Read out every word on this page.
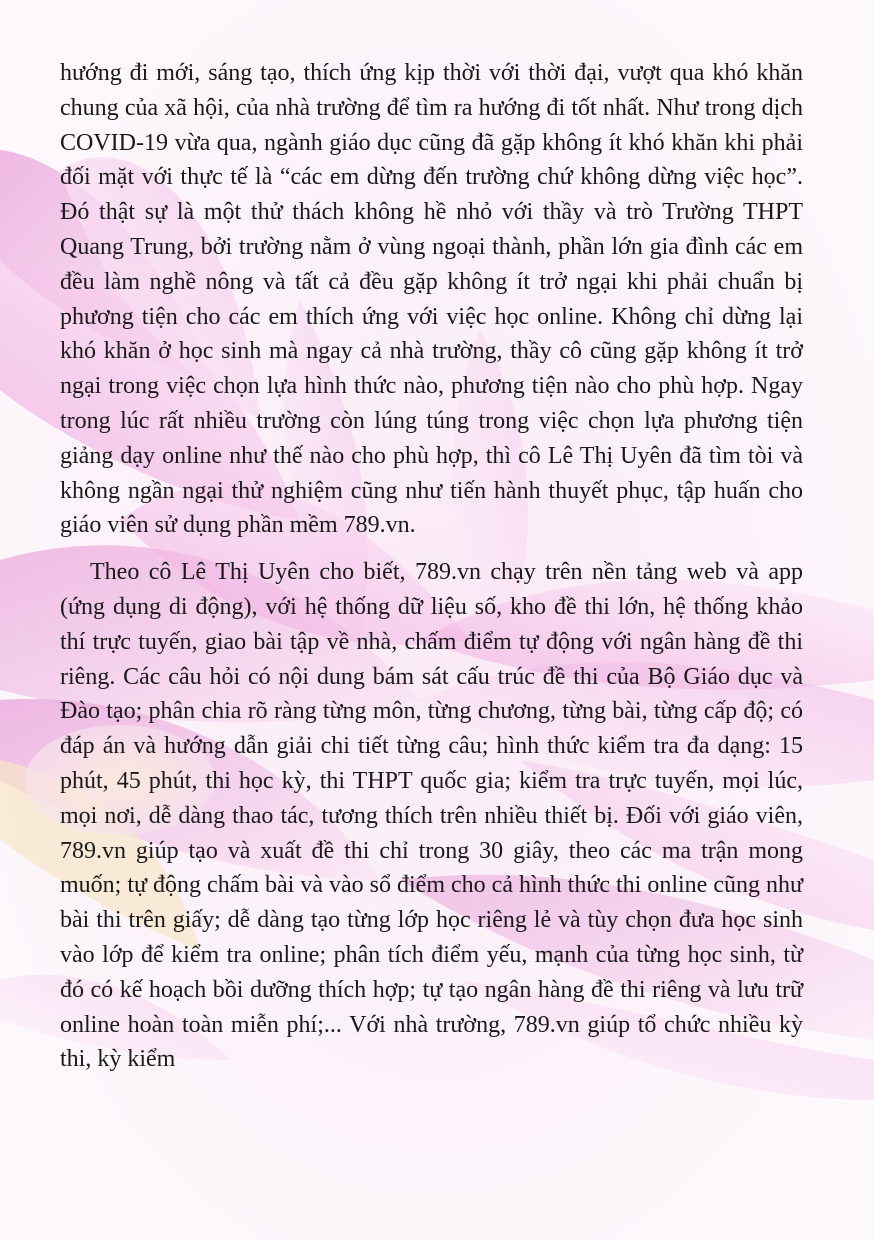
hướng đi mới, sáng tạo, thích ứng kịp thời với thời đại, vượt qua khó khăn chung của xã hội, của nhà trường để tìm ra hướng đi tốt nhất. Như trong dịch COVID-19 vừa qua, ngành giáo dục cũng đã gặp không ít khó khăn khi phải đối mặt với thực tế là “các em dừng đến trường chứ không dừng việc học”. Đó thật sự là một thử thách không hề nhỏ với thầy và trò Trường THPT Quang Trung, bởi trường nằm ở vùng ngoại thành, phần lớn gia đình các em đều làm nghề nông và tất cả đều gặp không ít trở ngại khi phải chuẩn bị phương tiện cho các em thích ứng với việc học online. Không chỉ dừng lại khó khăn ở học sinh mà ngay cả nhà trường, thầy cô cũng gặp không ít trở ngại trong việc chọn lựa hình thức nào, phương tiện nào cho phù hợp. Ngay trong lúc rất nhiều trường còn lúng túng trong việc chọn lựa phương tiện giảng dạy online như thế nào cho phù hợp, thì cô Lê Thị Uyên đã tìm tòi và không ngần ngại thử nghiệm cũng như tiến hành thuyết phục, tập huấn cho giáo viên sử dụng phần mềm 789.vn.

Theo cô Lê Thị Uyên cho biết, 789.vn chạy trên nền tảng web và app (ứng dụng di động), với hệ thống dữ liệu số, kho đề thi lớn, hệ thống khảo thí trực tuyến, giao bài tập về nhà, chấm điểm tự động với ngân hàng đề thi riêng. Các câu hỏi có nội dung bám sát cấu trúc đề thi của Bộ Giáo dục và Đào tạo; phân chia rõ ràng từng môn, từng chương, từng bài, từng cấp độ; có đáp án và hướng dẫn giải chi tiết từng câu; hình thức kiểm tra đa dạng: 15 phút, 45 phút, thi học kỳ, thi THPT quốc gia; kiểm tra trực tuyến, mọi lúc, mọi nơi, dễ dàng thao tác, tương thích trên nhiều thiết bị. Đối với giáo viên, 789.vn giúp tạo và xuất đề thi chỉ trong 30 giây, theo các ma trận mong muốn; tự động chấm bài và vào sổ điểm cho cả hình thức thi online cũng như bài thi trên giấy; dễ dàng tạo từng lớp học riêng lẻ và tùy chọn đưa học sinh vào lớp để kiểm tra online; phân tích điểm yếu, mạnh của từng học sinh, từ đó có kế hoạch bồi dưỡng thích hợp; tự tạo ngân hàng đề thi riêng và lưu trữ online hoàn toàn miễn phí;... Với nhà trường, 789.vn giúp tổ chức nhiều kỳ thi, kỳ kiểm
